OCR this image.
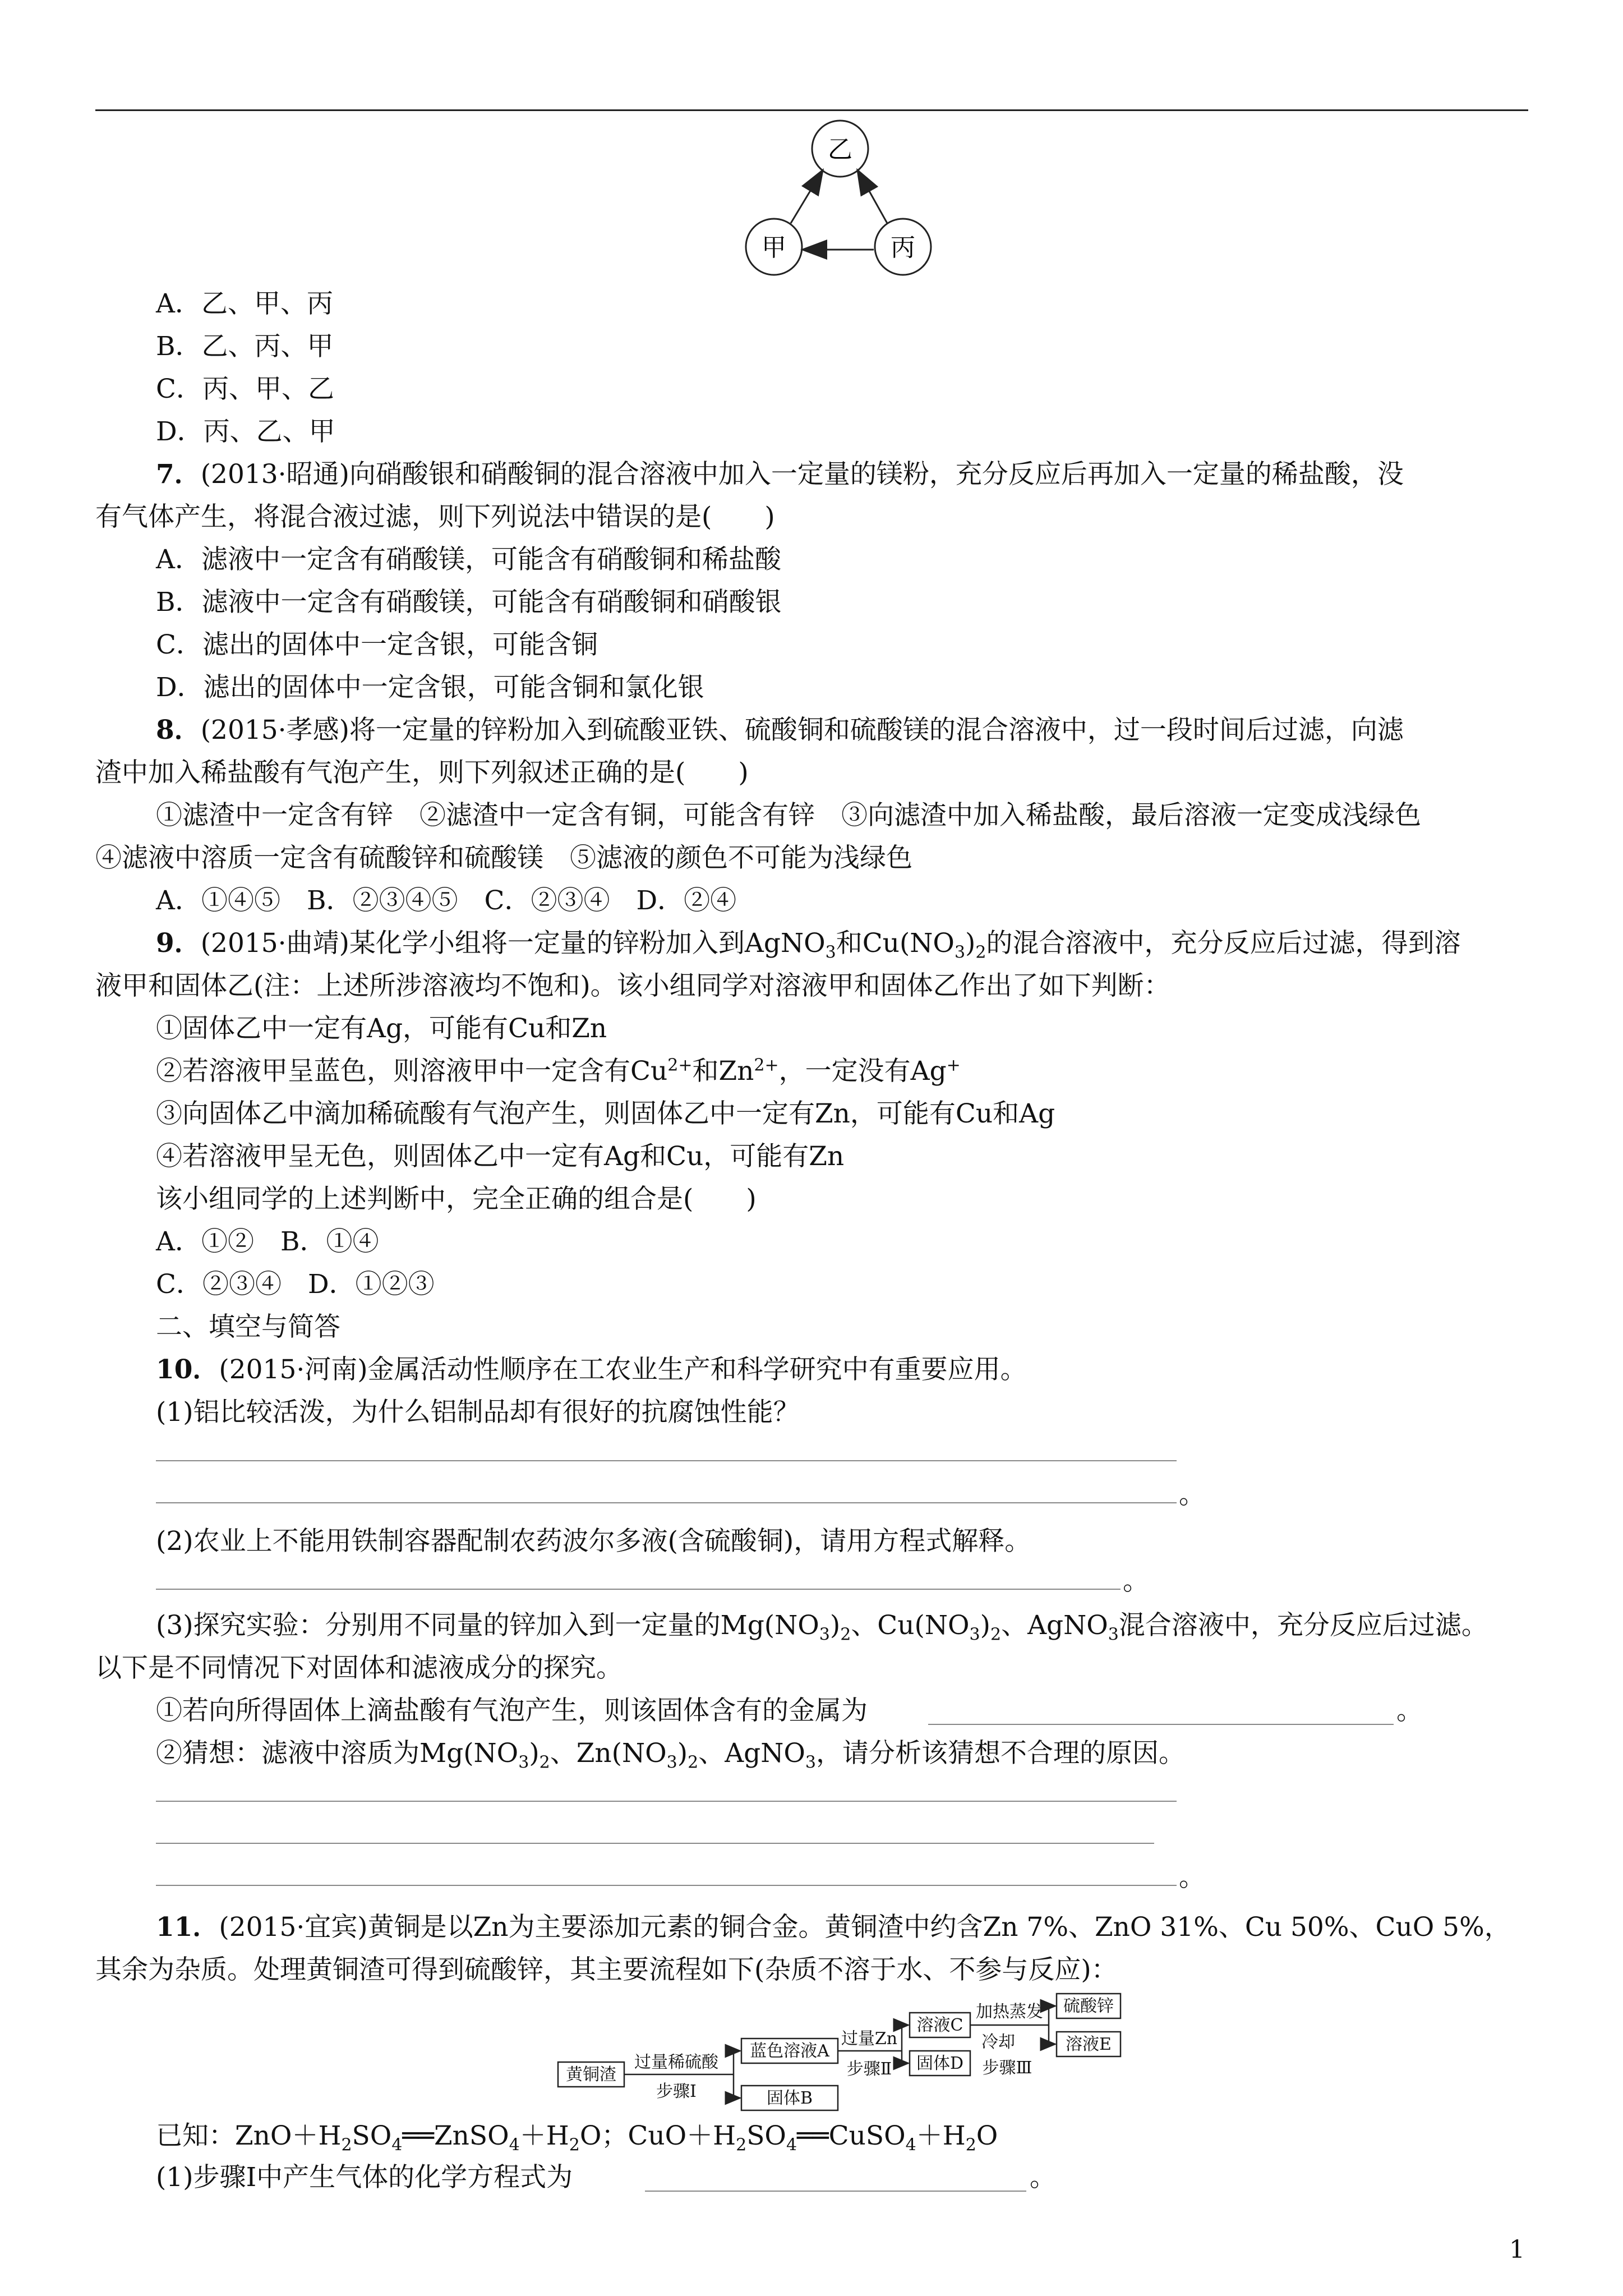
乙
甲	丙
A．乙、甲、丙
B．乙、丙、甲
C．丙、甲、乙
D．丙、乙、甲
7．(2013·昭通)向硝酸银和硝酸铜的混合溶液中加入一定量的镁粉，充分反应后再加入一定量的稀盐酸，没
有气体产生，将混合液过滤，则下列说法中错误的是(　　)
A．滤液中一定含有硝酸镁，可能含有硝酸铜和稀盐酸
B．滤液中一定含有硝酸镁，可能含有硝酸铜和硝酸银
C．滤出的固体中一定含银，可能含铜
D．滤出的固体中一定含银，可能含铜和氯化银
8．(2015·孝感)将一定量的锌粉加入到硫酸亚铁、硫酸铜和硫酸镁的混合溶液中，过一段时间后过滤，向滤
渣中加入稀盐酸有气泡产生，则下列叙述正确的是(　　)
①滤渣中一定含有锌　②滤渣中一定含有铜，可能含有锌　③向滤渣中加入稀盐酸，最后溶液一定变成浅绿色
④滤液中溶质一定含有硫酸锌和硫酸镁　⑤滤液的颜色不可能为浅绿色
A．①④⑤　B．②③④⑤　C．②③④　D．②④
9．(2015·曲靖)某化学小组将一定量的锌粉加入到AgNO$_3$和$Cu(NO_3)_2$的混合溶液中，充分反应后过滤，得到溶
液甲和固体乙(注：上述所涉溶液均不饱和)。该小组同学对溶液甲和固体乙作出了如下判断：
①固体乙中一定有Ag，可能有Cu和Zn
②若溶液甲呈蓝色，则溶液甲中一定含有$Cu^{2+}$和$Zn^{2+}$，一定没有Ag+
③向固体乙中滴加稀硫酸有气泡产生，则固体乙中一定有Zn，可能有Cu和Ag
④若溶液甲呈无色，则固体乙中一定有Ag和Cu，可能有Zn
该小组同学的上述判断中，完全正确的组合是(　　)
A．①②　B．①④
C．②③④　D．①②③
二、填空与简答
10．(2015·河南)金属活动性顺序在工农业生产和科学研究中有重要应用。
(1)铝比较活泼，为什么铝制品却有很好的抗腐蚀性能？
。
(2)农业上不能用铁制容器配制农药波尔多液(含硫酸铜)，请用方程式解释。
。
(3)探究实验：分别用不同量的锌加入到一定量的$Mg(NO_3)_2$、$Cu(NO_3)_2$、AgNO$_3$混合溶液中，充分反应后过滤。
以下是不同情况下对固体和滤液成分的探究。
①若向所得固体上滴盐酸有气泡产生，则该固体含有的金属为	。
②猜想：滤液中溶质为$Mg(NO_3)_2$、$Zn(NO_3)_2$、AgNO$_3$，请分析该猜想不合理的原因。
。
11．(2015·宜宾)黄铜是以Zn为主要添加元素的铜合金。黄铜渣中约含Zn 7%、ZnO 31%、Cu 50%、CuO 5%，
其余为杂质。处理黄铜渣可得到硫酸锌，其主要流程如下(杂质不溶于水、不参与反应)：
黄铜渣
过量稀硫酸
步骤Ⅰ
蓝色溶液A
固体B
过量Zn
步骤Ⅱ
溶液C
固体D
加热蒸发
冷却
步骤Ⅲ
硫酸锌
溶液E
已知：$ZnO+H_2SO_4══ZnSO_4+H_2O$；$CuO+H_2SO_4══CuSO_4+H_2O$
(1)步骤Ⅰ中产生气体的化学方程式为	。
1
